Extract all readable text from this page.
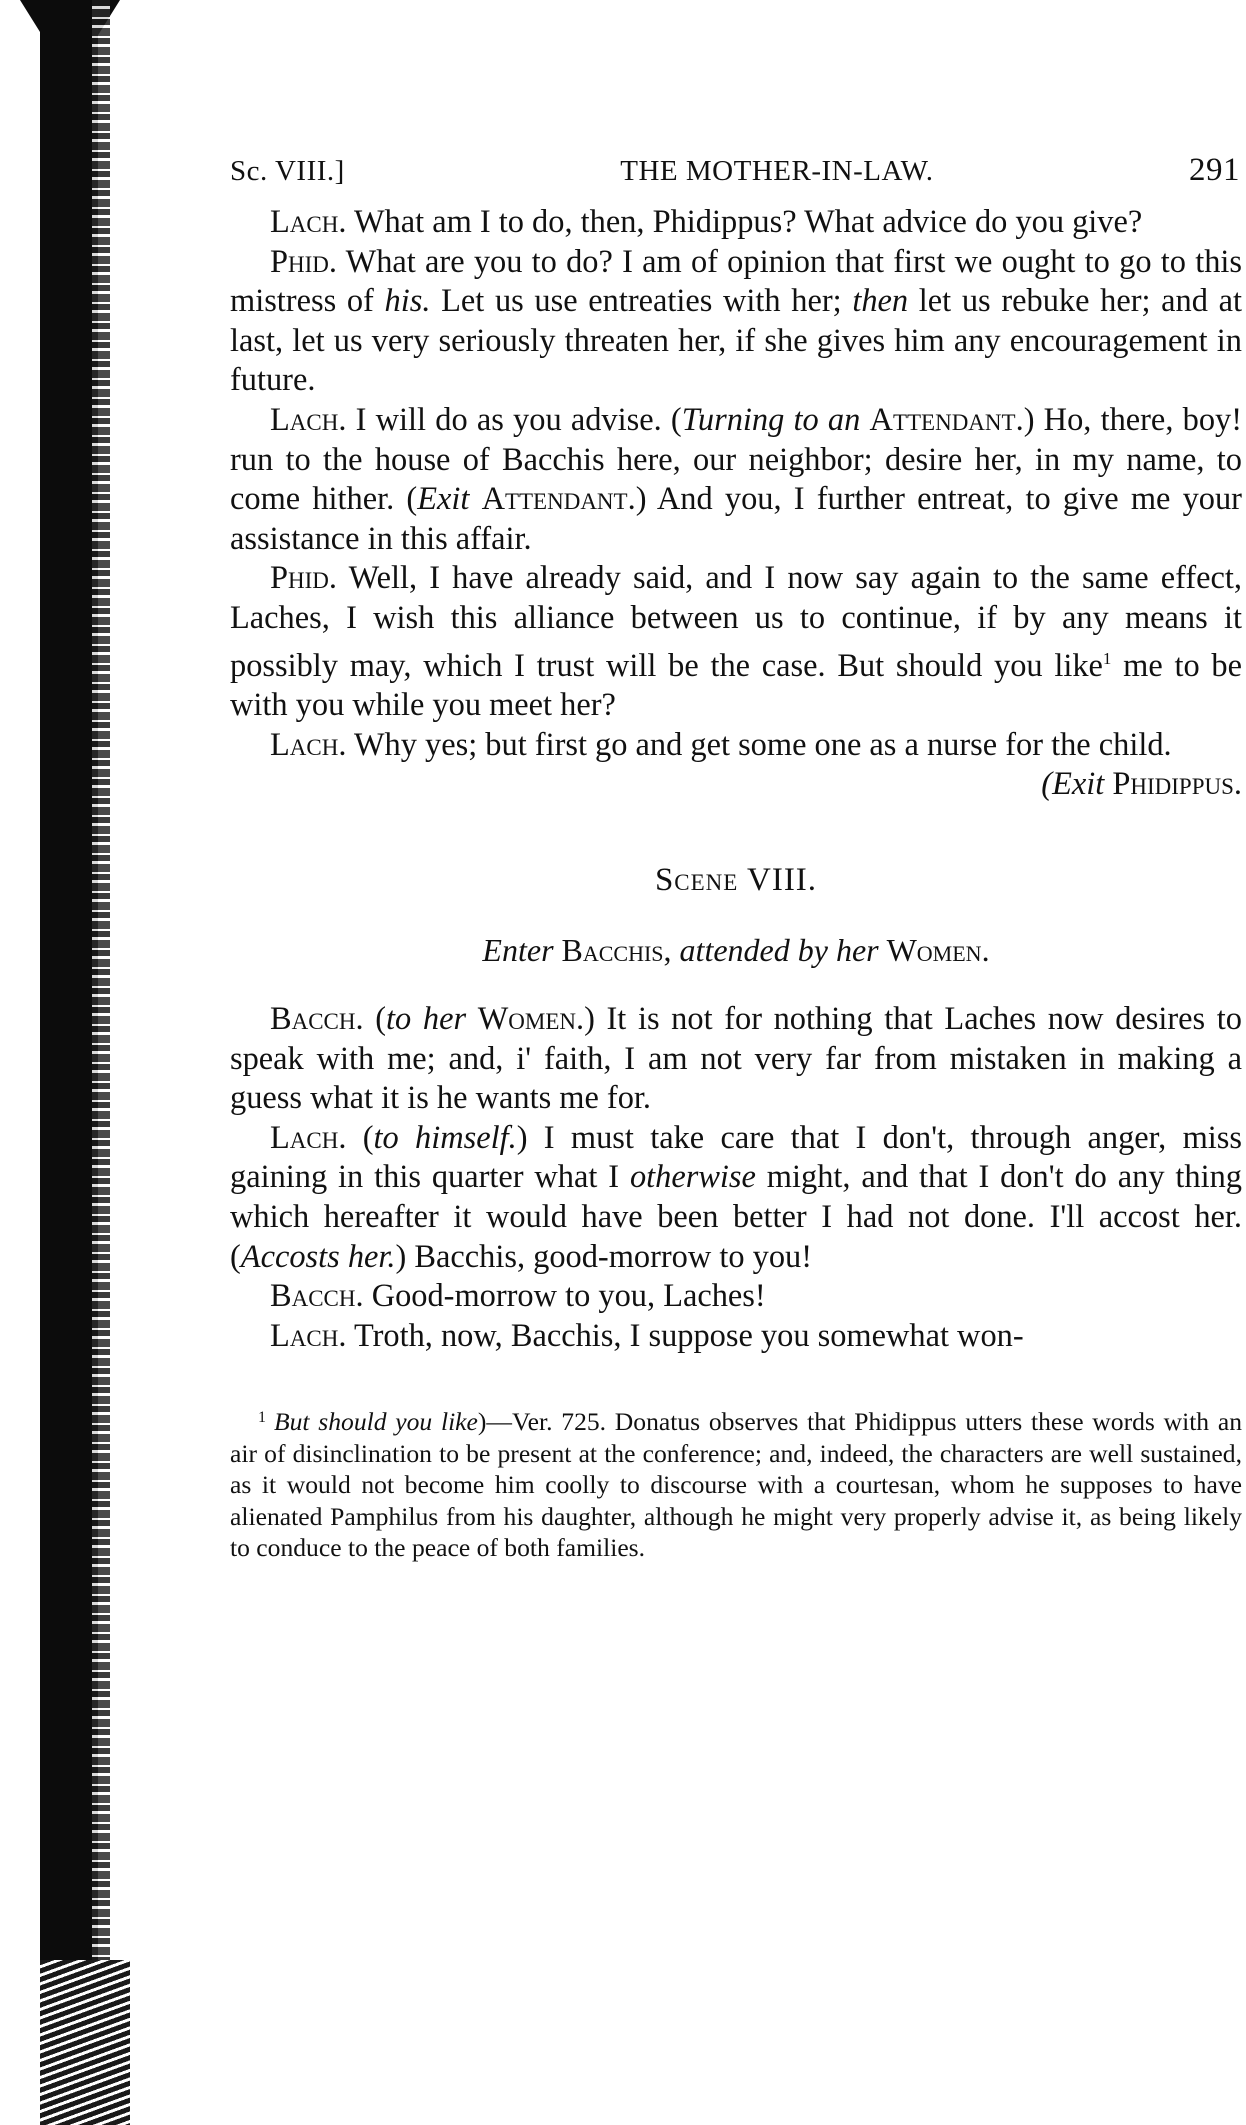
Sc. VIII.]	THE MOTHER-IN-LAW.	291

Lach. What am I to do, then, Phidippus? What advice do you give?

Phid. What are you to do? I am of opinion that first we ought to go to this mistress of his. Let us use entreaties with her; then let us rebuke her; and at last, let us very seriously threaten her, if she gives him any encouragement in future.

Lach. I will do as you advise. (Turning to an Attendant.) Ho, there, boy! run to the house of Bacchis here, our neighbor; desire her, in my name, to come hither. (Exit Attendant.) And you, I further entreat, to give me your assistance in this affair.

Phid. Well, I have already said, and I now say again to the same effect, Laches, I wish this alliance between us to continue, if by any means it possibly may, which I trust will be the case. But should you like$^1$ me to be with you while you meet her?

Lach. Why yes; but first go and get some one as a nurse for the child.

(Exit Phidippus.
Scene VIII.
Enter Bacchis, attended by her Women.

Bacch. (to her Women.) It is not for nothing that Laches now desires to speak with me; and, i' faith, I am not very far from mistaken in making a guess what it is he wants me for.

Lach. (to himself.) I must take care that I don't, through anger, miss gaining in this quarter what I otherwise might, and that I don't do any thing which hereafter it would have been better I had not done. I'll accost her. (Accosts her.) Bacchis, good-morrow to you!

Bacch. Good-morrow to you, Laches!

Lach. Troth, now, Bacchis, I suppose you somewhat won-

$^1$ But should you like)—Ver. 725. Donatus observes that Phidippus utters these words with an air of disinclination to be present at the conference; and, indeed, the characters are well sustained, as it would not become him coolly to discourse with a courtesan, whom he supposes to have alienated Pamphilus from his daughter, although he might very properly advise it, as being likely to conduce to the peace of both families.
